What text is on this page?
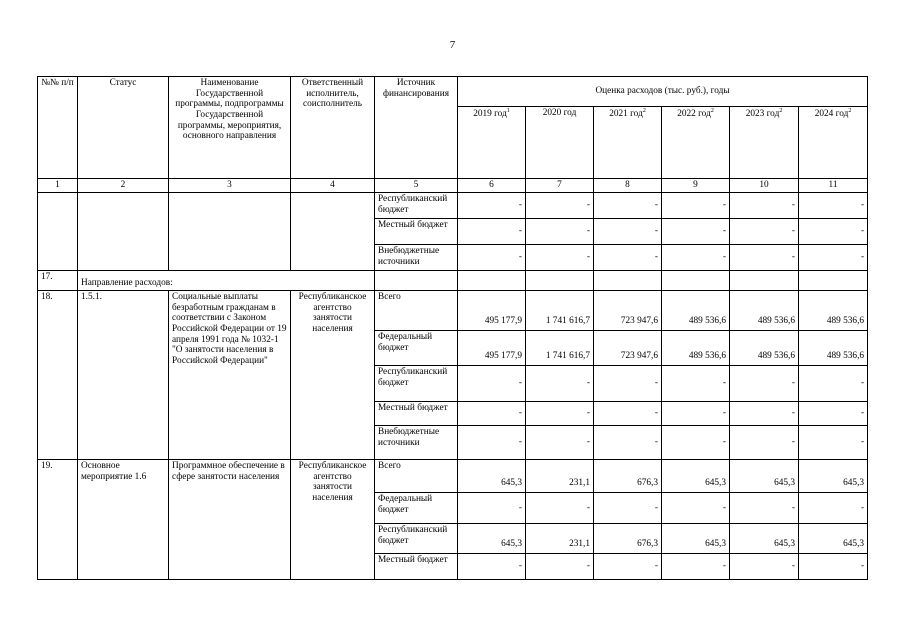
7
№№ п/п	Статус	Наименование Государственной программы, подпрограммы Государственной программы, мероприятия, основного направления	Ответственный исполнитель, соисполнитель	Источник финансирования	Оценка расходов (тыс. руб.), годы					
					2019 год$^1$	2020 год	2021 год$^2$	2022 год$^2$	2023 год$^2$	2024 год$^2$
1	2	3	4	5	6	7	8	9	10	11
				Республиканский бюджет	-	-	-	-	-	-
				Местный бюджет	-	-	-	-	-	-
				Внебюджетные источники	-	-	-	-	-	-
17.	Направление расходов:									
18.	1.5.1.	Социальные выплаты безработным гражданам в соответствии с Законом Российской Федерации от 19 апреля 1991 года № 1032-1 "О занятости населения в Российской Федерации"	Республиканское агентство занятости населения	Всего	495 177,9	1 741 616,7	723 947,6	489 536,6	489 536,6	489 536,6
				Федеральный бюджет	495 177,9	1 741 616,7	723 947,6	489 536,6	489 536,6	489 536,6
				Республиканский бюджет	-	-	-	-	-	-
				Местный бюджет	-	-	-	-	-	-
				Внебюджетные источники	-	-	-	-	-	-
19.	Основное мероприятие 1.6	Программное обеспечение в сфере занятости населения	Республиканское агентство занятости населения	Всего	645,3	231,1	676,3	645,3	645,3	645,3
				Федеральный бюджет	-	-	-	-	-	-
				Республиканский бюджет	645,3	231,1	676,3	645,3	645,3	645,3
				Местный бюджет	-	-	-	-	-	-
